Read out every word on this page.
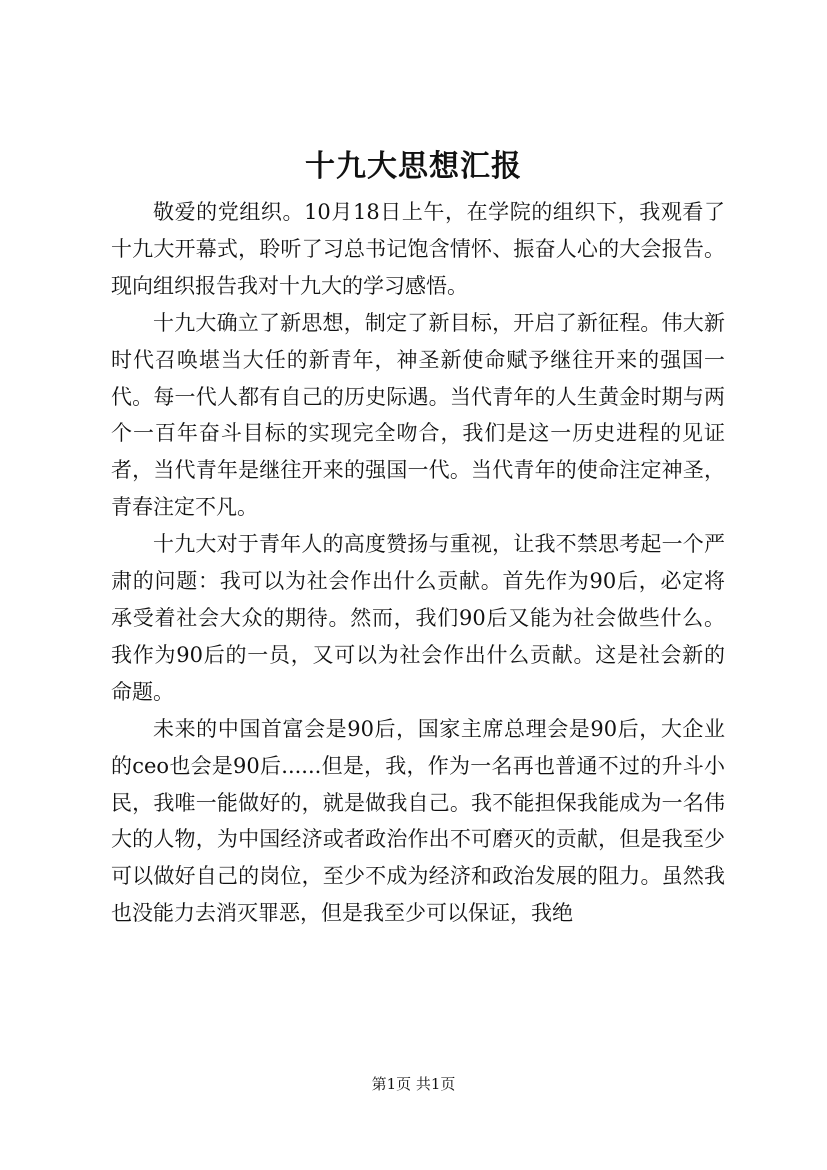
十九大思想汇报

敬爱的党组织。10月18日上午，在学院的组织下，我观看了十九大开幕式，聆听了习总书记饱含情怀、振奋人心的大会报告。现向组织报告我对十九大的学习感悟。

十九大确立了新思想，制定了新目标，开启了新征程。伟大新时代召唤堪当大任的新青年，神圣新使命赋予继往开来的强国一代。每一代人都有自己的历史际遇。当代青年的人生黄金时期与两个一百年奋斗目标的实现完全吻合，我们是这一历史进程的见证者，当代青年是继往开来的强国一代。当代青年的使命注定神圣，青春注定不凡。

十九大对于青年人的高度赞扬与重视，让我不禁思考起一个严肃的问题：我可以为社会作出什么贡献。首先作为90后，必定将承受着社会大众的期待。然而，我们90后又能为社会做些什么。我作为90后的一员，又可以为社会作出什么贡献。这是社会新的命题。

未来的中国首富会是90后，国家主席总理会是90后，大企业的ceo也会是90后......但是，我，作为一名再也普通不过的升斗小民，我唯一能做好的，就是做我自己。我不能担保我能成为一名伟大的人物，为中国经济或者政治作出不可磨灭的贡献，但是我至少可以做好自己的岗位，至少不成为经济和政治发展的阻力。虽然我也没能力去消灭罪恶，但是我至少可以保证，我绝

第1页 共1页
